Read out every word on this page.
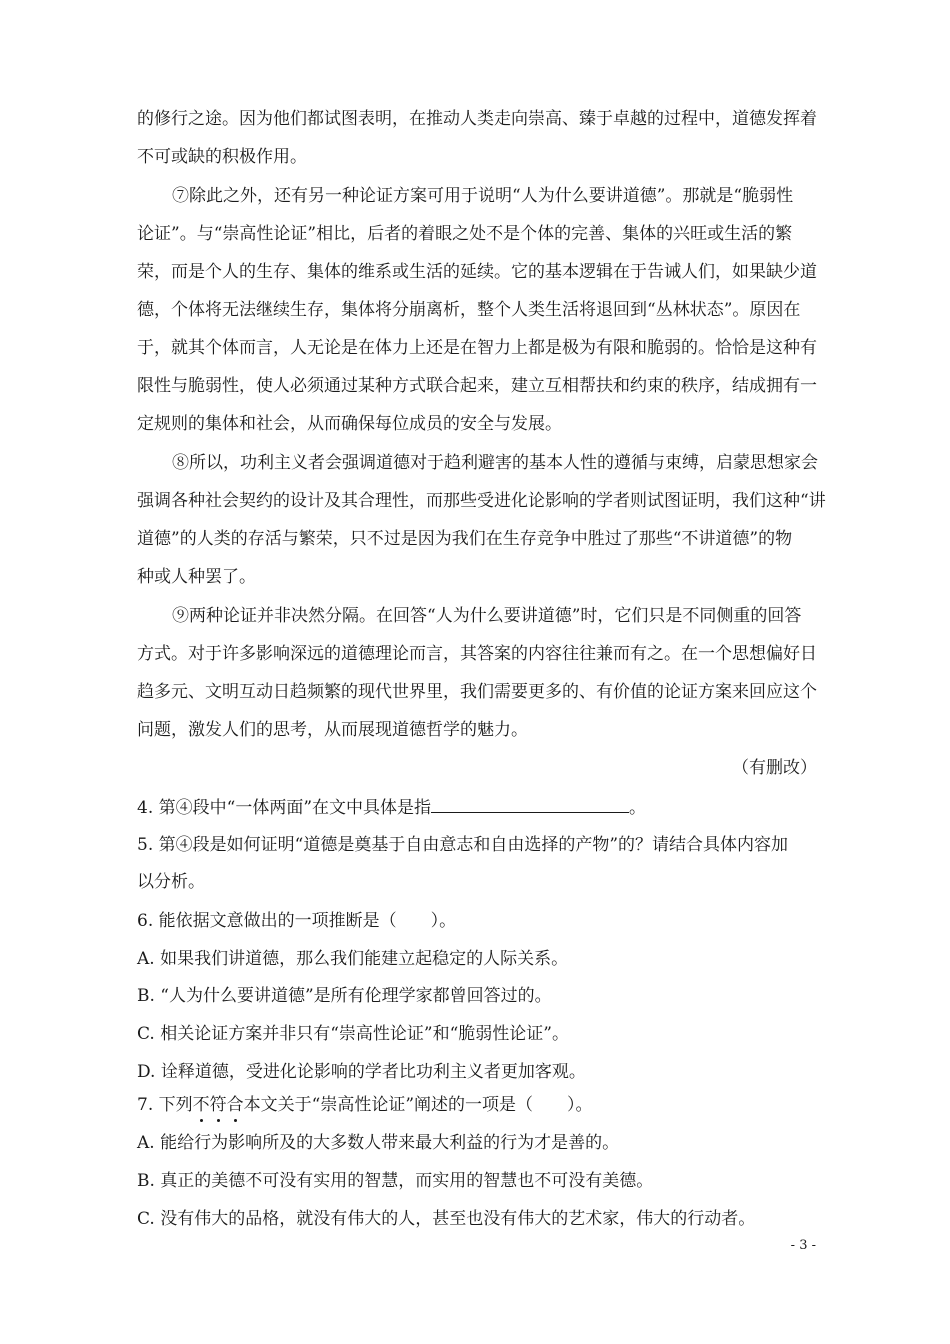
的修行之途。因为他们都试图表明，在推动人类走向崇高、臻于卓越的过程中，道德发挥着
不可或缺的积极作用。
⑦除此之外，还有另一种论证方案可用于说明“人为什么要讲道德”。那就是“脆弱性
论证”。与“崇高性论证”相比，后者的着眼之处不是个体的完善、集体的兴旺或生活的繁
荣，而是个人的生存、集体的维系或生活的延续。它的基本逻辑在于告诫人们，如果缺少道
德，个体将无法继续生存，集体将分崩离析，整个人类生活将退回到“丛林状态”。原因在
于，就其个体而言，人无论是在体力上还是在智力上都是极为有限和脆弱的。恰恰是这种有
限性与脆弱性，使人必须通过某种方式联合起来，建立互相帮扶和约束的秩序，结成拥有一
定规则的集体和社会，从而确保每位成员的安全与发展。
⑧所以，功利主义者会强调道德对于趋利避害的基本人性的遵循与束缚，启蒙思想家会
强调各种社会契约的设计及其合理性，而那些受进化论影响的学者则试图证明，我们这种“讲
道德”的人类的存活与繁荣，只不过是因为我们在生存竞争中胜过了那些“不讲道德”的物
种或人种罢了。
⑨两种论证并非决然分隔。在回答“人为什么要讲道德”时，它们只是不同侧重的回答
方式。对于许多影响深远的道德理论而言，其答案的内容往往兼而有之。在一个思想偏好日
趋多元、文明互动日趋频繁的现代世界里，我们需要更多的、有价值的论证方案来回应这个
问题，激发人们的思考，从而展现道德哲学的魅力。
（有删改）
4. 第④段中“一体两面”在文中具体是指	。
5. 第④段是如何证明“道德是奠基于自由意志和自由选择的产物”的？请结合具体内容加
以分析。
6. 能依据文意做出的一项推断是（　　）。
A. 如果我们讲道德，那么我们能建立起稳定的人际关系。
B. “人为什么要讲道德”是所有伦理学家都曾回答过的。
C. 相关论证方案并非只有“崇高性论证”和“脆弱性论证”。
D. 诠释道德，受进化论影响的学者比功利主义者更加客观。
7. 下列不符合本文关于“崇高性论证”阐述的一项是（　　）。
A. 能给行为影响所及的大多数人带来最大利益的行为才是善的。
B. 真正的美德不可没有实用的智慧，而实用的智慧也不可没有美德。
C. 没有伟大的品格，就没有伟大的人，甚至也没有伟大的艺术家，伟大的行动者。
- 3 -
